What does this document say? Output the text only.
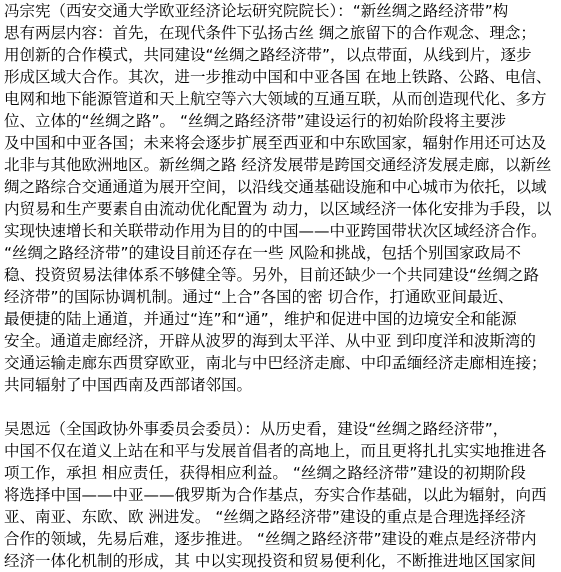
冯宗宪（西安交通大学欧亚经济论坛研究院院长）：“新丝绸之路经济带”构
思有两层内容：首先，在现代条件下弘扬古丝 绸之旅留下的合作观念、理念；
用创新的合作模式，共同建设“丝绸之路经济带”，以点带面，从线到片，逐步
形成区域大合作。其次，进一步推动中国和中亚各国 在地上铁路、公路、电信、
电网和地下能源管道和天上航空等六大领域的互通互联，从而创造现代化、多方
位、立体的“丝绸之路”。 “丝绸之路经济带”建设运行的初始阶段将主要涉
及中国和中亚各国；未来将会逐步扩展至西亚和中东欧国家，辐射作用还可达及
北非与其他欧洲地区。新丝绸之路 经济发展带是跨国交通经济发展走廊，以新丝
绸之路综合交通通道为展开空间，以沿线交通基础设施和中心城市为依托，以域
内贸易和生产要素自由流动优化配置为 动力，以区域经济一体化安排为手段，以
实现快速增长和关联带动作用为目的的中国——中亚跨国带状次区域经济合作。
“丝绸之路经济带”的建设目前还存在一些 风险和挑战，包括个别国家政局不
稳、投资贸易法律体系不够健全等。另外，目前还缺少一个共同建设“丝绸之路
经济带”的国际协调机制。通过“上合”各国的密 切合作，打通欧亚间最近、
最便捷的陆上通道，并通过“连”和“通”，维护和促进中国的边境安全和能源
安全。通道走廊经济，开辟从波罗的海到太平洋、从中亚 到印度洋和波斯湾的
交通运输走廊东西贯穿欧亚，南北与中巴经济走廊、中印孟缅经济走廊相连接；
共同辐射了中国西南及西部诸邻国。
吴恩远（全国政协外事委员会委员）：从历史看，建设“丝绸之路经济带”，
中国不仅在道义上站在和平与发展首倡者的高地上，而且更将扎扎实实地推进各
项工作，承担 相应责任，获得相应利益。 “丝绸之路经济带”建设的初期阶段
将选择中国——中亚——俄罗斯为合作基点，夯实合作基础，以此为辐射，向西
亚、南亚、东欧、欧 洲进发。 “丝绸之路经济带”建设的重点是合理选择经济
合作的领域，先易后难，逐步推进。 “丝绸之路经济带”建设的难点是经济带内
经济一体化机制的形成，其 中以实现投资和贸易便利化，不断推进地区国家间
